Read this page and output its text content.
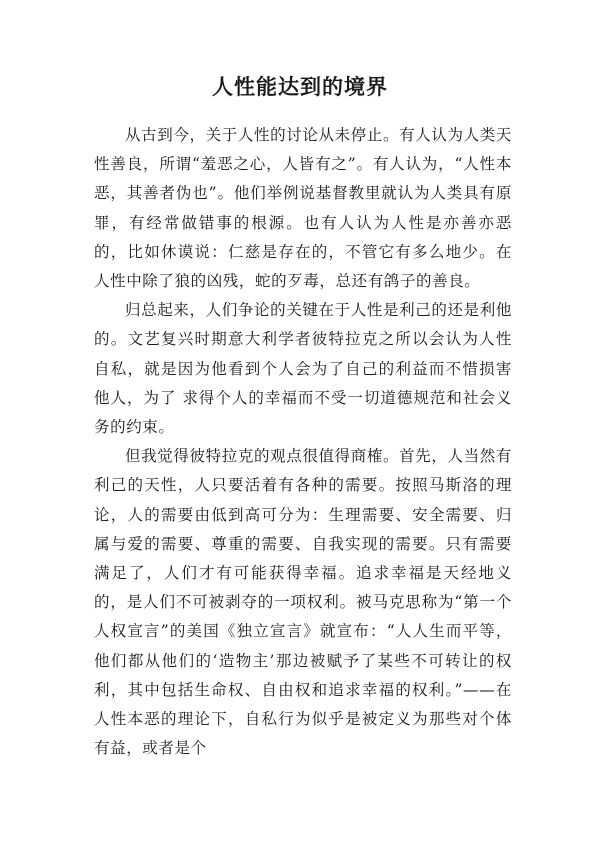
人性能达到的境界

从古到今，关于人性的讨论从未停止。有人认为人类天性善良，所谓“羞恶之心，人皆有之”。有人认为，“人性本恶，其善者伪也”。他们举例说基督教里就认为人类具有原罪，有经常做错事的根源。也有人认为人性是亦善亦恶的，比如休谟说：仁慈是存在的，不管它有多么地少。在人性中除了狼的凶残，蛇的歹毒，总还有鸽子的善良。

归总起来，人们争论的关键在于人性是利己的还是利他的。文艺复兴时期意大利学者彼特拉克之所以会认为人性自私，就是因为他看到个人会为了自己的利益而不惜损害他人，为了 求得个人的幸福而不受一切道德规范和社会义务的约束。

但我觉得彼特拉克的观点很值得商榷。首先，人当然有利己的天性，人只要活着有各种的需要。按照马斯洛的理论，人的需要由低到高可分为：生理需要、安全需要、归属与爱的需要、尊重的需要、自我实现的需要。只有需要满足了，人们才有可能获得幸福。追求幸福是天经地义的，是人们不可被剥夺的一项权利。被马克思称为“第一个人权宣言”的美国《独立宣言》就宣布：“人人生而平等，他们都从他们的‘造物主’那边被赋予了某些不可转让的权利，其中包括生命权、自由权和追求幸福的权利。”——在人性本恶的理论下，自私行为似乎是被定义为那些对个体有益，或者是个
